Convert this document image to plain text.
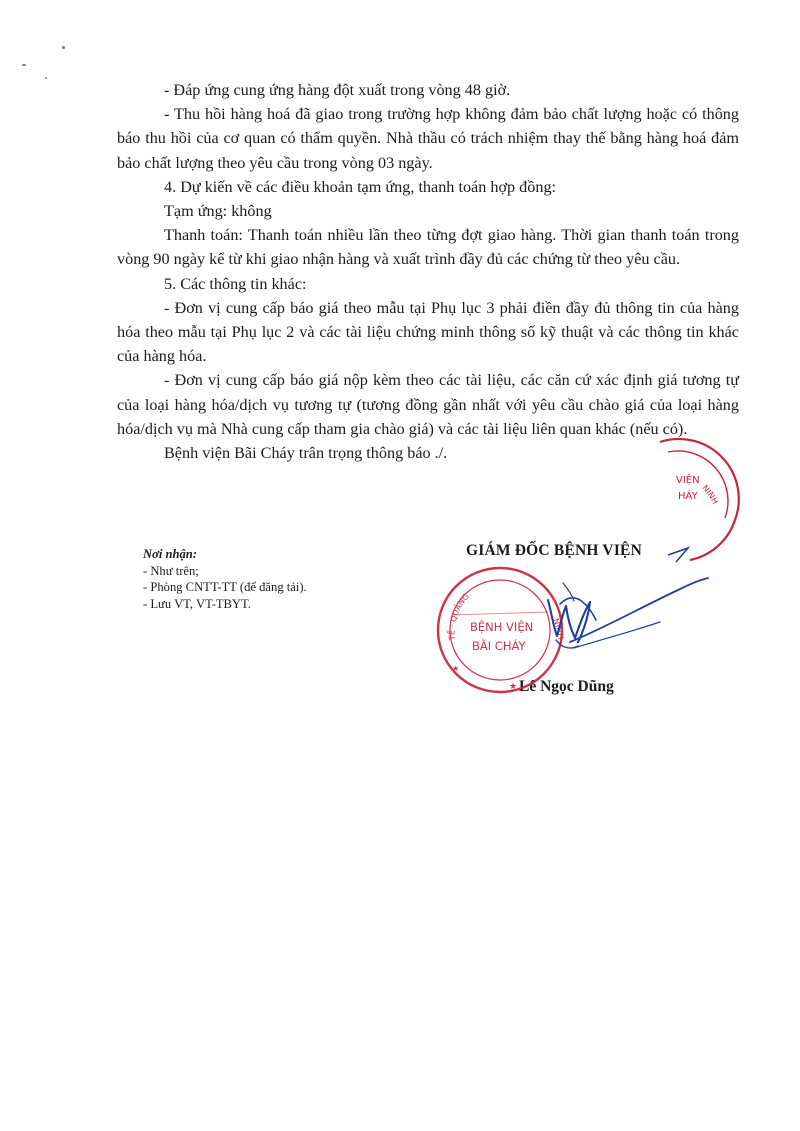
- Đáp ứng cung ứng hàng đột xuất trong vòng 48 giờ.

- Thu hồi hàng hoá đã giao trong trường hợp không đảm bảo chất lượng hoặc có thông báo thu hồi của cơ quan có thẩm quyền. Nhà thầu có trách nhiệm thay thế bằng hàng hoá đảm bảo chất lượng theo yêu cầu trong vòng 03 ngày.

4. Dự kiến về các điều khoản tạm ứng, thanh toán hợp đồng:

Tạm ứng: không

Thanh toán: Thanh toán nhiều lần theo từng đợt giao hàng. Thời gian thanh toán trong vòng 90 ngày kể từ khi giao nhận hàng và xuất trình đầy đủ các chứng từ theo yêu cầu.

5. Các thông tin khác:

- Đơn vị cung cấp báo giá theo mẫu tại Phụ lục 3 phải điền đầy đủ thông tin của hàng hóa theo mẫu tại Phụ lục 2 và các tài liệu chứng minh thông số kỹ thuật và các thông tin khác của hàng hóa.

- Đơn vị cung cấp báo giá nộp kèm theo các tài liệu, các căn cứ xác định giá tương tự của loại hàng hóa/dịch vụ tương tự (tương đồng gần nhất với yêu cầu chào giá của loại hàng hóa/dịch vụ mà Nhà cung cấp tham gia chào giá) và các tài liệu liên quan khác (nếu có).

Bệnh viện Bãi Cháy trân trọng thông báo ./.

Nơi nhận:
- Như trên;
- Phòng CNTT-TT (để đăng tải).
- Lưu VT, VT-TBYT.
GIÁM ĐỐC BỆNH VIỆN
Lê Ngọc Dũng
VIỆN
HÁY
NINH
BỆNH VIỆN
BÃI CHÁY
TẾ · QUẢNG
NINH
★
★
